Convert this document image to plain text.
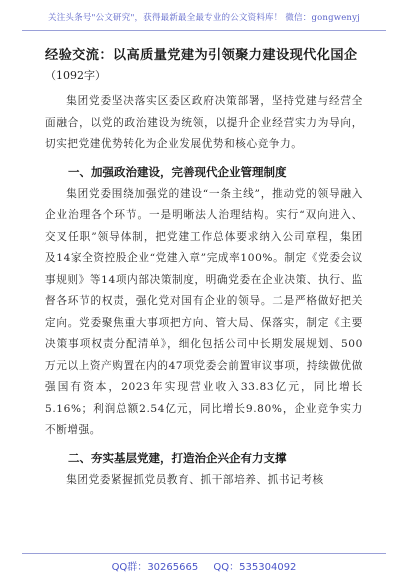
关注头条号"公文研究"，获得最新最全最专业的公文资料库！ 微信：gongwenyj
经验交流：以高质量党建为引领聚力建设现代化国企
（1092字）

集团党委坚决落实区委区政府决策部署，坚持党建与经营全面融合，以党的政治建设为统领，以提升企业经营实力为导向，切实把党建优势转化为企业发展优势和核心竞争力。

一、加强政治建设，完善现代企业管理制度

集团党委围绕加强党的建设“一条主线”，推动党的领导融入企业治理各个环节。一是明晰法人治理结构。实行“双向进入、交叉任职”领导体制，把党建工作总体要求纳入公司章程，集团及14家全资控股企业“党建入章”完成率100%。制定《党委会议事规则》等14项内部决策制度，明确党委在企业决策、执行、监督各环节的权责，强化党对国有企业的领导。二是严格做好把关定向。党委聚焦重大事项把方向、管大局、保落实，制定《主要决策事项权责分配清单》，细化包括公司中长期发展规划、500万元以上资产购置在内的47项党委会前置审议事项，持续做优做强国有资本，2023年实现营业收入33.83亿元，同比增长5.16%；利润总额2.54亿元，同比增长9.80%，企业竞争实力不断增强。

二、夯实基层党建，打造治企兴企有力支撑

集团党委紧握抓党员教育、抓干部培养、抓书记考核

QQ群：30265665 QQ：535304092
